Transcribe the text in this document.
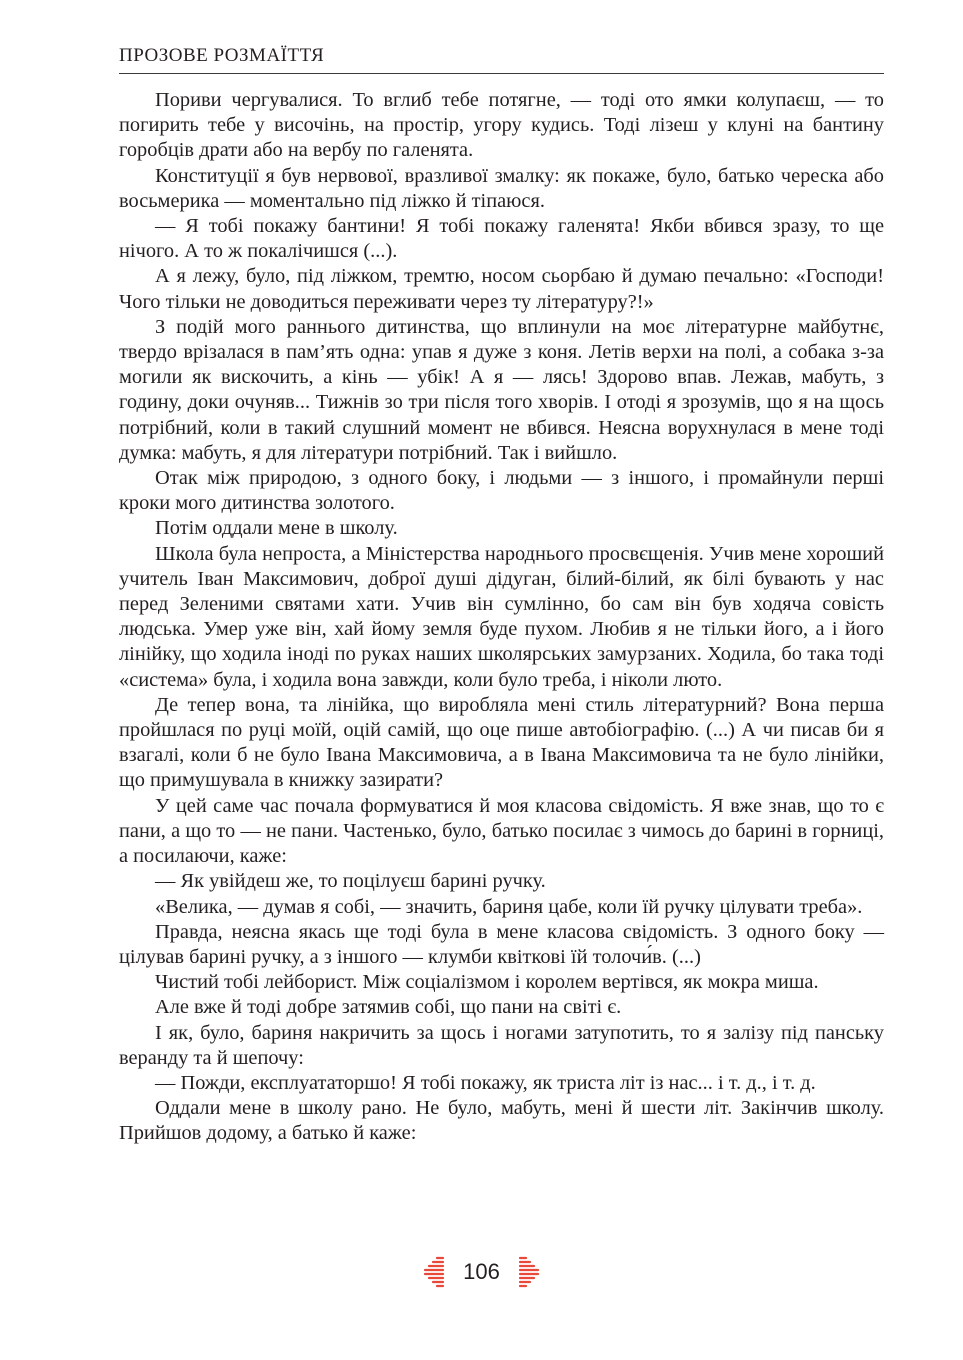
ПРОЗОВЕ РОЗМАЇТТЯ

Пориви чергувалися. То вглиб тебе потягне, — тоді ото ямки колупаєш, — то погирить тебе у височінь, на простір, угору кудись. Тоді лізеш у клуні на бантину горобців драти або на вербу по галенята.

Конституції я був нервової, вразливої змалку: як покаже, було, батько череска або восьмерика — моментально під ліжко й тіпаюся.

— Я тобі покажу бантини! Я тобі покажу галенята! Якби вбився зразу, то ще нічого. А то ж покалічишся (...).

А я лежу, було, під ліжком, тремтю, носом сьорбаю й думаю печально: «Господи! Чого тільки не доводиться переживати через ту літературу?!»

З подій мого раннього дитинства, що вплинули на моє літературне майбутнє, твердо врізалася в пам’ять одна: упав я дуже з коня. Летів верхи на полі, а собака з-за могили як вискочить, а кінь — убік! А я — лясь! Здорово впав. Лежав, мабуть, з годину, доки очуняв... Тижнів зо три після того хворів. І отоді я зрозумів, що я на щось потрібний, коли в такий слушний момент не вбився. Неясна ворухнулася в мене тоді думка: мабуть, я для літератури потрібний. Так і вийшло.

Отак між природою, з одного боку, і людьми — з іншого, і промайнули перші кроки мого дитинства золотого.

Потім оддали мене в школу.

Школа була непроста, а Міністерства народнього просвєщенія. Учив мене хороший учитель Іван Максимович, доброї душі дідуган, білий-білий, як білі бувають у нас перед Зеленими святами хати. Учив він сумлінно, бо сам він був ходяча совість людська. Умер уже він, хай йому земля буде пухом. Любив я не тільки його, а і його лінійку, що ходила іноді по руках наших школярських замурзаних. Ходила, бо така тоді «система» була, і ходила вона завжди, коли було треба, і ніколи люто.

Де тепер вона, та лінійка, що виробляла мені стиль літературний? Вона перша пройшлася по руці моїй, оцій самій, що оце пише автобіографію. (...) А чи писав би я взагалі, коли б не було Івана Максимовича, а в Івана Максимовича та не було лінійки, що примушувала в книжку зазирати?

У цей саме час почала формуватися й моя класова свідомість. Я вже знав, що то є пани, а що то — не пани. Частенько, було, батько посилає з чимось до барині в горниці, а посилаючи, каже:

— Як увійдеш же, то поцілуєш барині ручку.

«Велика, — думав я собі, — значить, бариня цабе, коли їй ручку цілувати треба».

Правда, неясна якась ще тоді була в мене класова свідомість. З одного боку — цілував барині ручку, а з іншого — клумби квіткові їй толочи́в. (...)

Чистий тобі лейборист. Між соціалізмом і королем вертівся, як мокра миша.

Але вже й тоді добре затямив собі, що пани на світі є.

І як, було, бариня накричить за щось і ногами затупотить, то я залізу під панську веранду та й шепочу:

— Пожди, експлуататоршо! Я тобі покажу, як триста літ із нас... і т. д., і т. д.

Оддали мене в школу рано. Не було, мабуть, мені й шести літ. Закінчив школу. Прийшов додому, а батько й каже:

106
